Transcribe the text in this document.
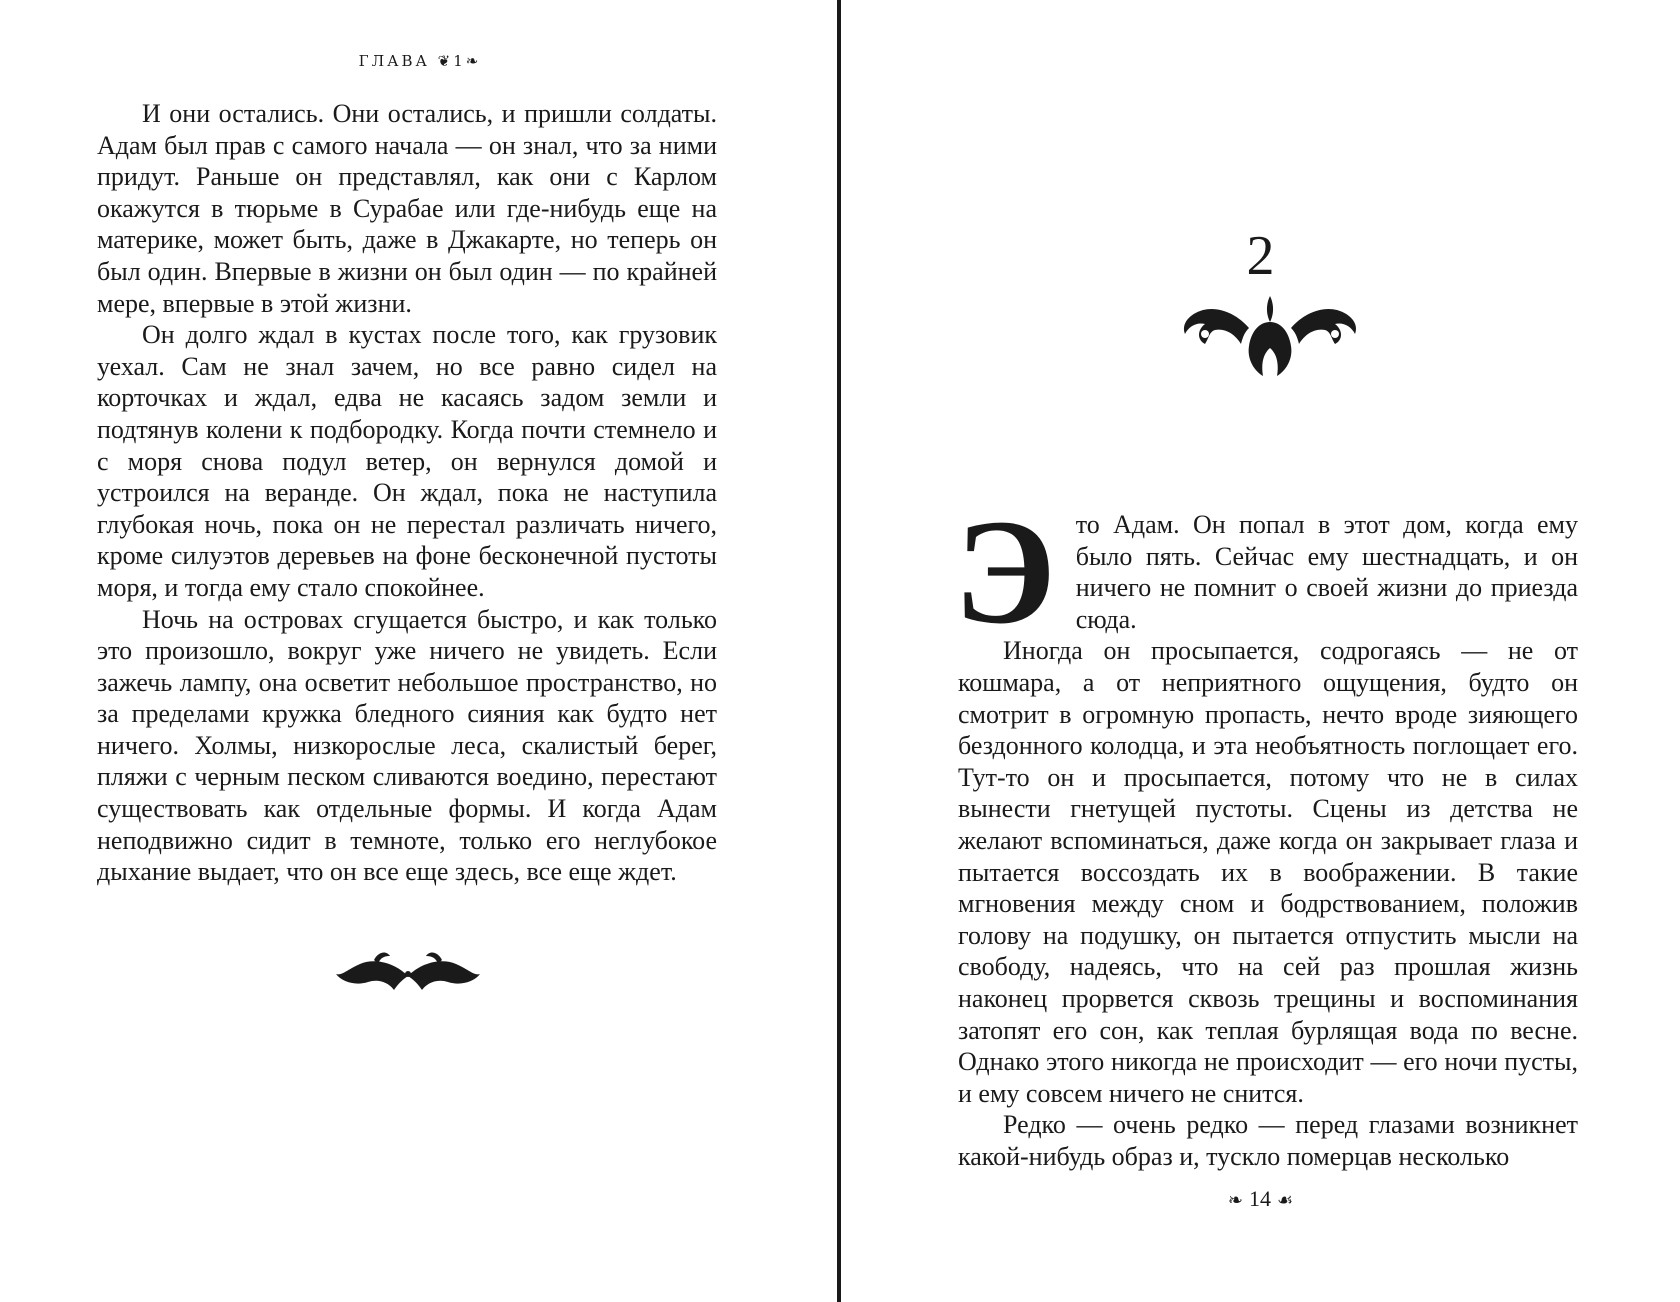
ГЛАВА ❦ 1 ❧

И они остались. Они остались, и пришли солдаты. Адам был прав с самого начала — он знал, что за ними придут. Раньше он представлял, как они с Карлом окажутся в тюрьме в Сурабае или где-нибудь еще на материке, может быть, даже в Джакарте, но теперь он был один. Впервые в жизни он был один — по крайней мере, впервые в этой жизни.

Он долго ждал в кустах после того, как грузовик уехал. Сам не знал зачем, но все равно сидел на корточках и ждал, едва не касаясь задом земли и подтянув колени к подбородку. Когда почти стемнело и с моря снова подул ветер, он вернулся домой и устроился на веранде. Он ждал, пока не наступила глубокая ночь, пока он не перестал различать ничего, кроме силуэтов деревьев на фоне бесконечной пустоты моря, и тогда ему стало спокойнее.

Ночь на островах сгущается быстро, и как только это произошло, вокруг уже ничего не увидеть. Если зажечь лампу, она осветит небольшое пространство, но за пределами кружка бледного сияния как будто нет ничего. Холмы, низкорослые леса, скалистый берег, пляжи с черным песком сливаются воедино, перестают существовать как отдельные формы. И когда Адам неподвижно сидит в темноте, только его неглубокое дыхание выдает, что он все еще здесь, все еще ждет.

2

Это Адам. Он попал в этот дом, когда ему было пять. Сейчас ему шестнадцать, и он ничего не помнит о своей жизни до приезда сюда.

Иногда он просыпается, содрогаясь — не от кошмара, а от неприятного ощущения, будто он смотрит в огромную пропасть, нечто вроде зияющего бездонного колодца, и эта необъятность поглощает его. Тут-то он и просыпается, потому что не в силах вынести гнетущей пустоты. Сцены из детства не желают вспоминаться, даже когда он закрывает глаза и пытается воссоздать их в воображении. В такие мгновения между сном и бодрствованием, положив голову на подушку, он пытается отпустить мысли на свободу, надеясь, что на сей раз прошлая жизнь наконец прорвется сквозь трещины и воспоминания затопят его сон, как теплая бурлящая вода по весне. Однако этого никогда не происходит — его ночи пусты, и ему совсем ничего не снится.

Редко — очень редко — перед глазами возникнет какой-нибудь образ и, тускло померцав несколько

❧ 14 ☙
